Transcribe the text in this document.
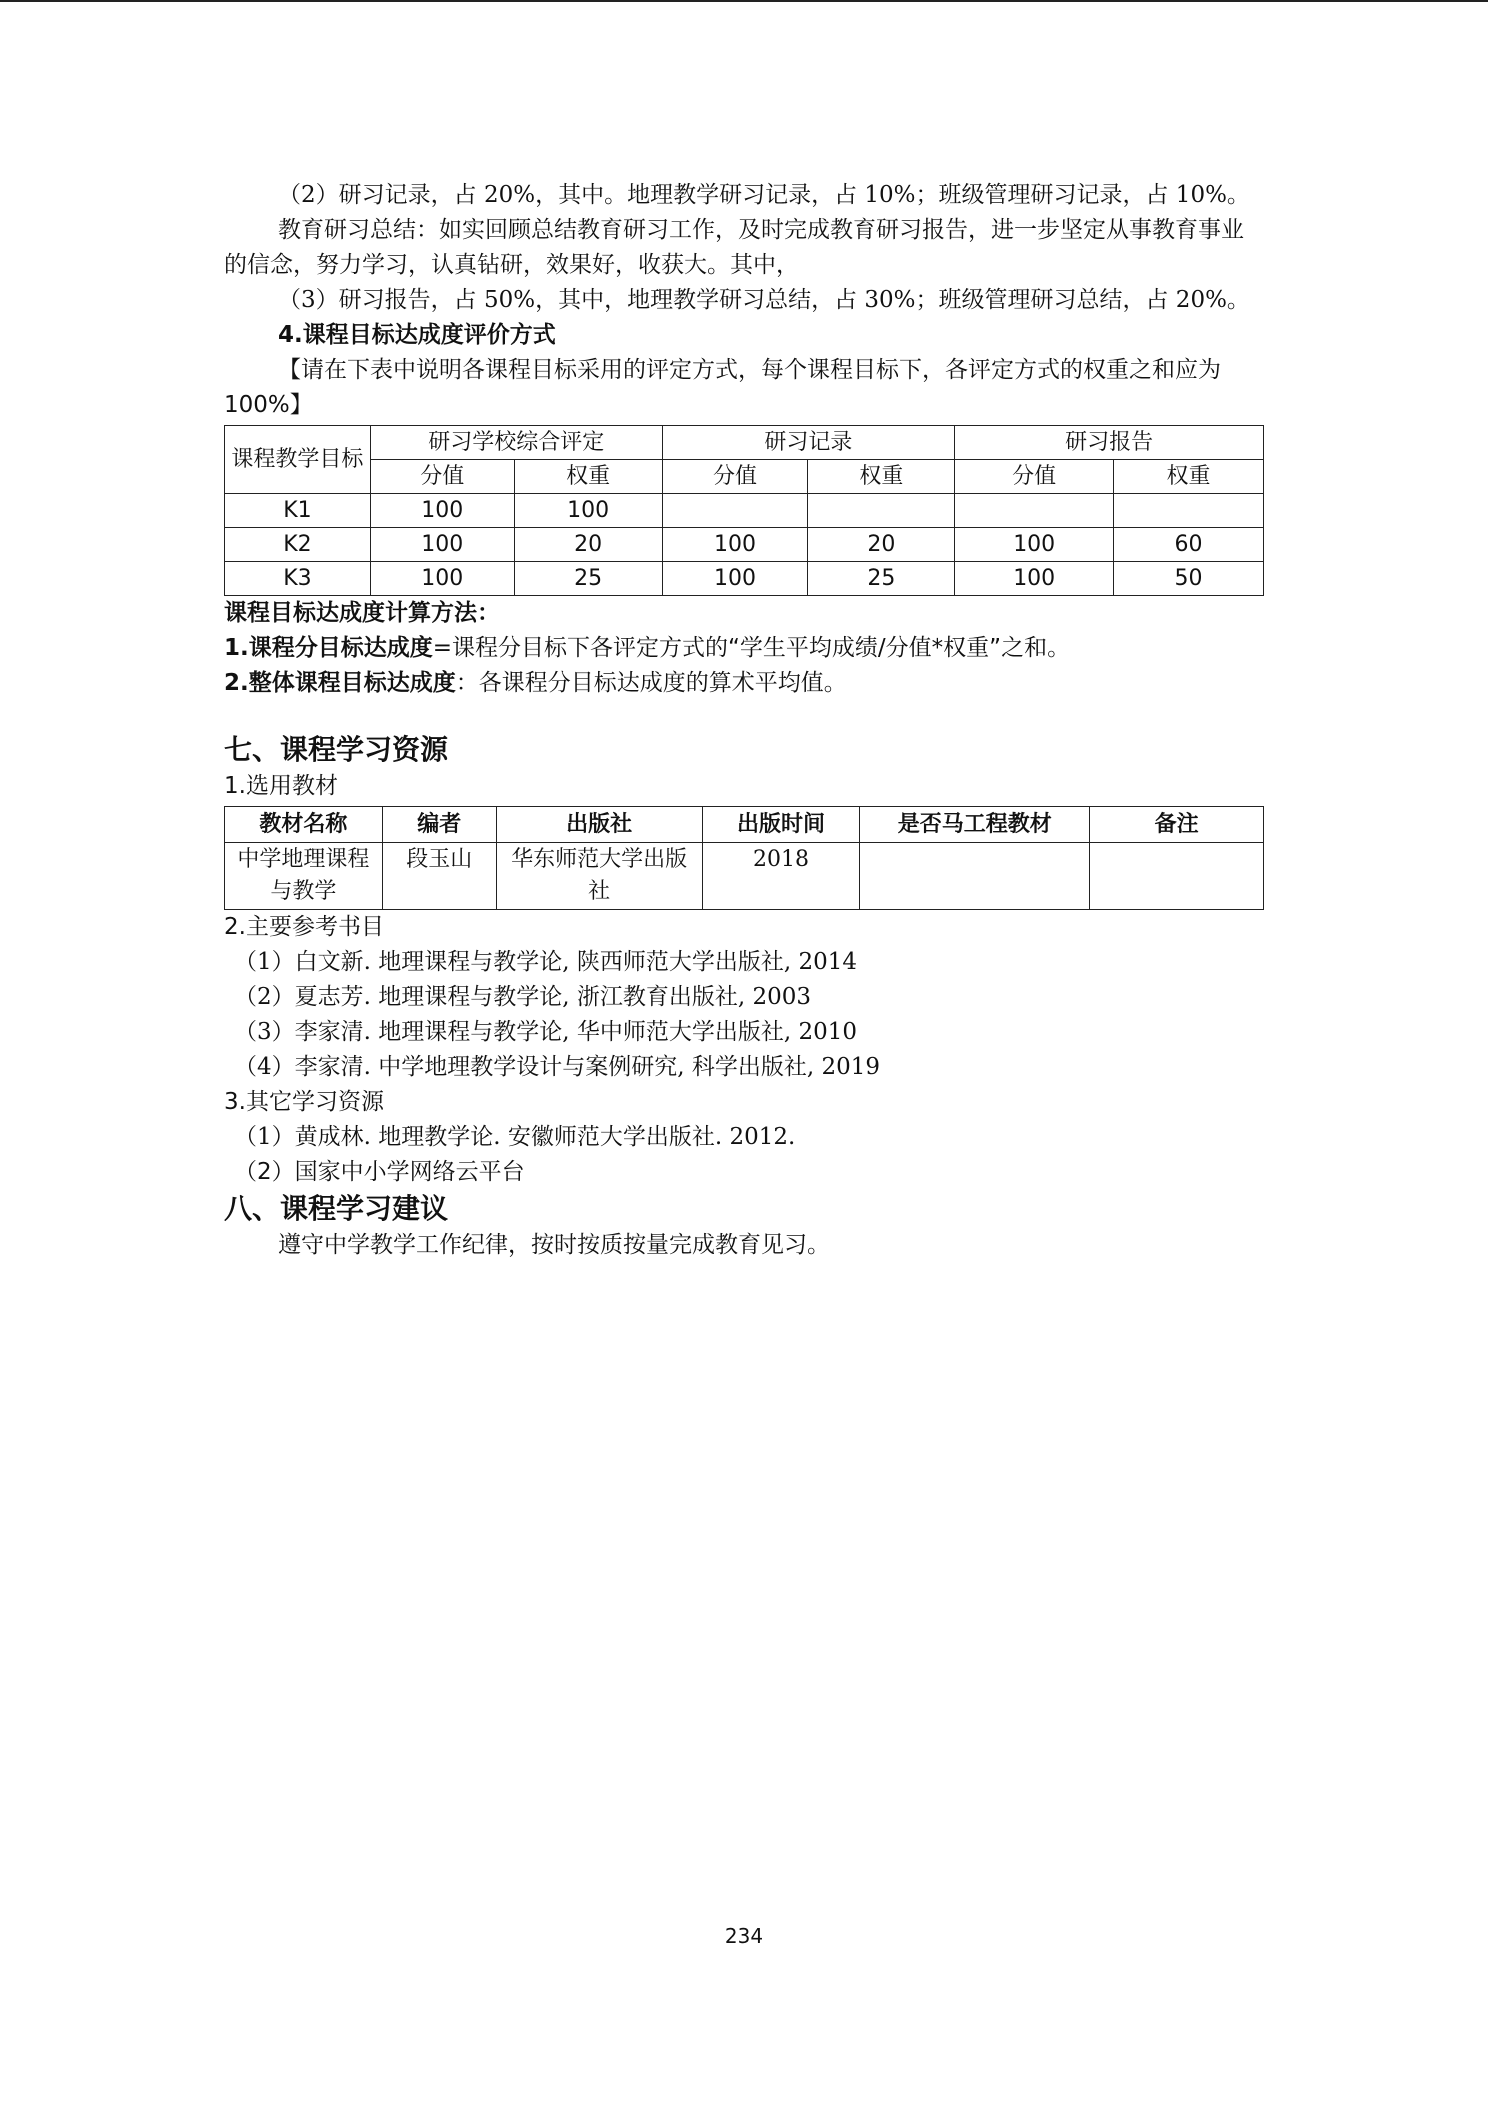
（2）研习记录，占 20%，其中。地理教学研习记录，占 10%；班级管理研习记录，占 10%。

教育研习总结：如实回顾总结教育研习工作，及时完成教育研习报告，进一步坚定从事教育事业的信念，努力学习，认真钻研，效果好，收获大。其中，

（3）研习报告，占 50%，其中，地理教学研习总结，占 30%；班级管理研习总结，占 20%。

4.课程目标达成度评价方式

【请在下表中说明各课程目标采用的评定方式，每个课程目标下，各评定方式的权重之和应为 100%】

课程教学目标	研习学校综合评定		研习记录		研习报告	
	分值	权重	分值	权重	分值	权重
K1	100	100				
K2	100	20	100	20	100	60
K3	100	25	100	25	100	50

课程目标达成度计算方法：

1.课程分目标达成度=课程分目标下各评定方式的“学生平均成绩/分值*权重”之和。

2.整体课程目标达成度：各课程分目标达成度的算术平均值。

七、课程学习资源

1.选用教材

教材名称	编者	出版社	出版时间	是否马工程教材	备注
中学地理课程与教学	段玉山	华东师范大学出版社	2018		

2.主要参考书目

（1）白文新. 地理课程与教学论, 陕西师范大学出版社, 2014

（2）夏志芳. 地理课程与教学论, 浙江教育出版社, 2003

（3）李家清. 地理课程与教学论, 华中师范大学出版社, 2010

（4）李家清. 中学地理教学设计与案例研究, 科学出版社, 2019

3.其它学习资源

（1）黄成林. 地理教学论. 安徽师范大学出版社. 2012.

（2）国家中小学网络云平台

八、课程学习建议

遵守中学教学工作纪律，按时按质按量完成教育见习。

234
